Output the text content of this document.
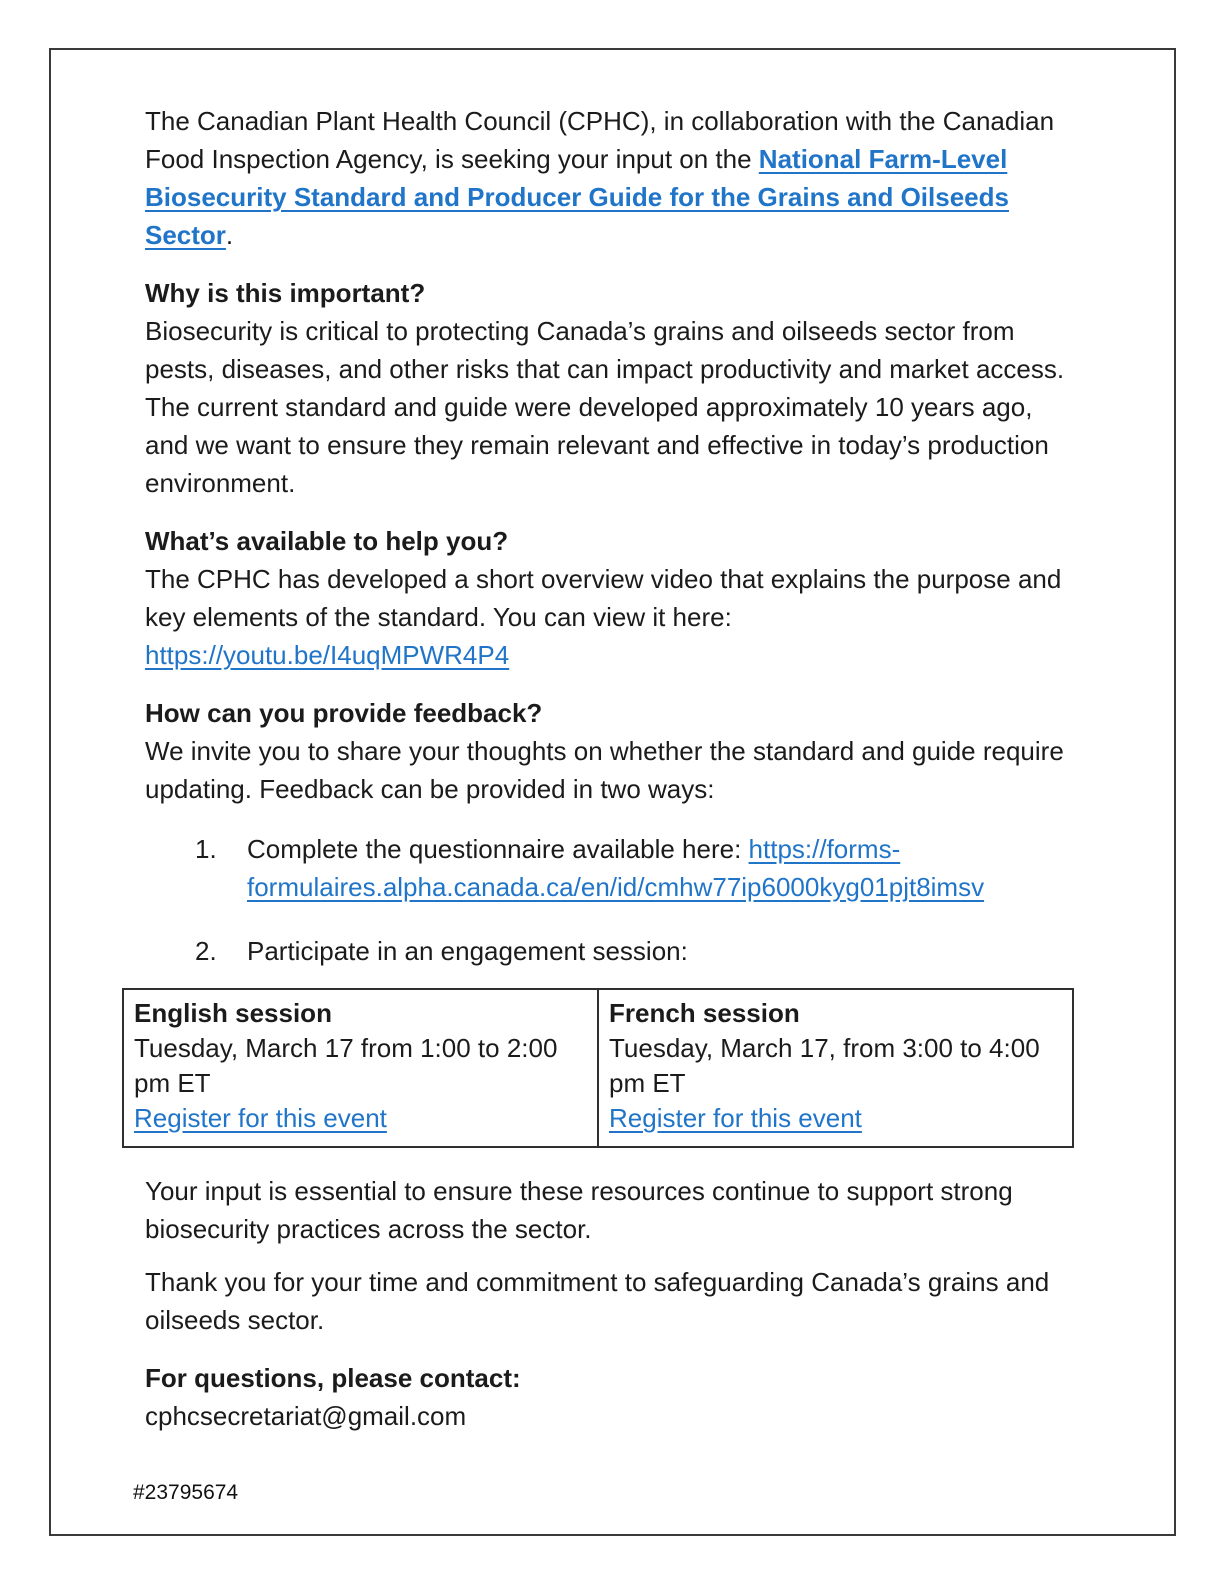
The Canadian Plant Health Council (CPHC), in collaboration with the Canadian Food Inspection Agency, is seeking your input on the National Farm-Level Biosecurity Standard and Producer Guide for the Grains and Oilseeds Sector.

Why is this important?

Biosecurity is critical to protecting Canada’s grains and oilseeds sector from pests, diseases, and other risks that can impact productivity and market access. The current standard and guide were developed approximately 10 years ago, and we want to ensure they remain relevant and effective in today’s production environment.

What’s available to help you?

The CPHC has developed a short overview video that explains the purpose and key elements of the standard. You can view it here:
https://youtu.be/I4uqMPWR4P4

How can you provide feedback?

We invite you to share your thoughts on whether the standard and guide require updating. Feedback can be provided in two ways:

1.	Complete the questionnaire available here: https://forms-formulaires.alpha.canada.ca/en/id/cmhw77ip6000kyg01pjt8imsv
2.	Participate in an engagement session:
English session
Tuesday, March 17 from 1:00 to 2:00 pm ET
Register for this event	
French session
Tuesday, March 17, from 3:00 to 4:00 pm ET
Register for this event

Your input is essential to ensure these resources continue to support strong biosecurity practices across the sector.

Thank you for your time and commitment to safeguarding Canada’s grains and oilseeds sector.

For questions, please contact:

cphcsecretariat@gmail.com

#23795674
